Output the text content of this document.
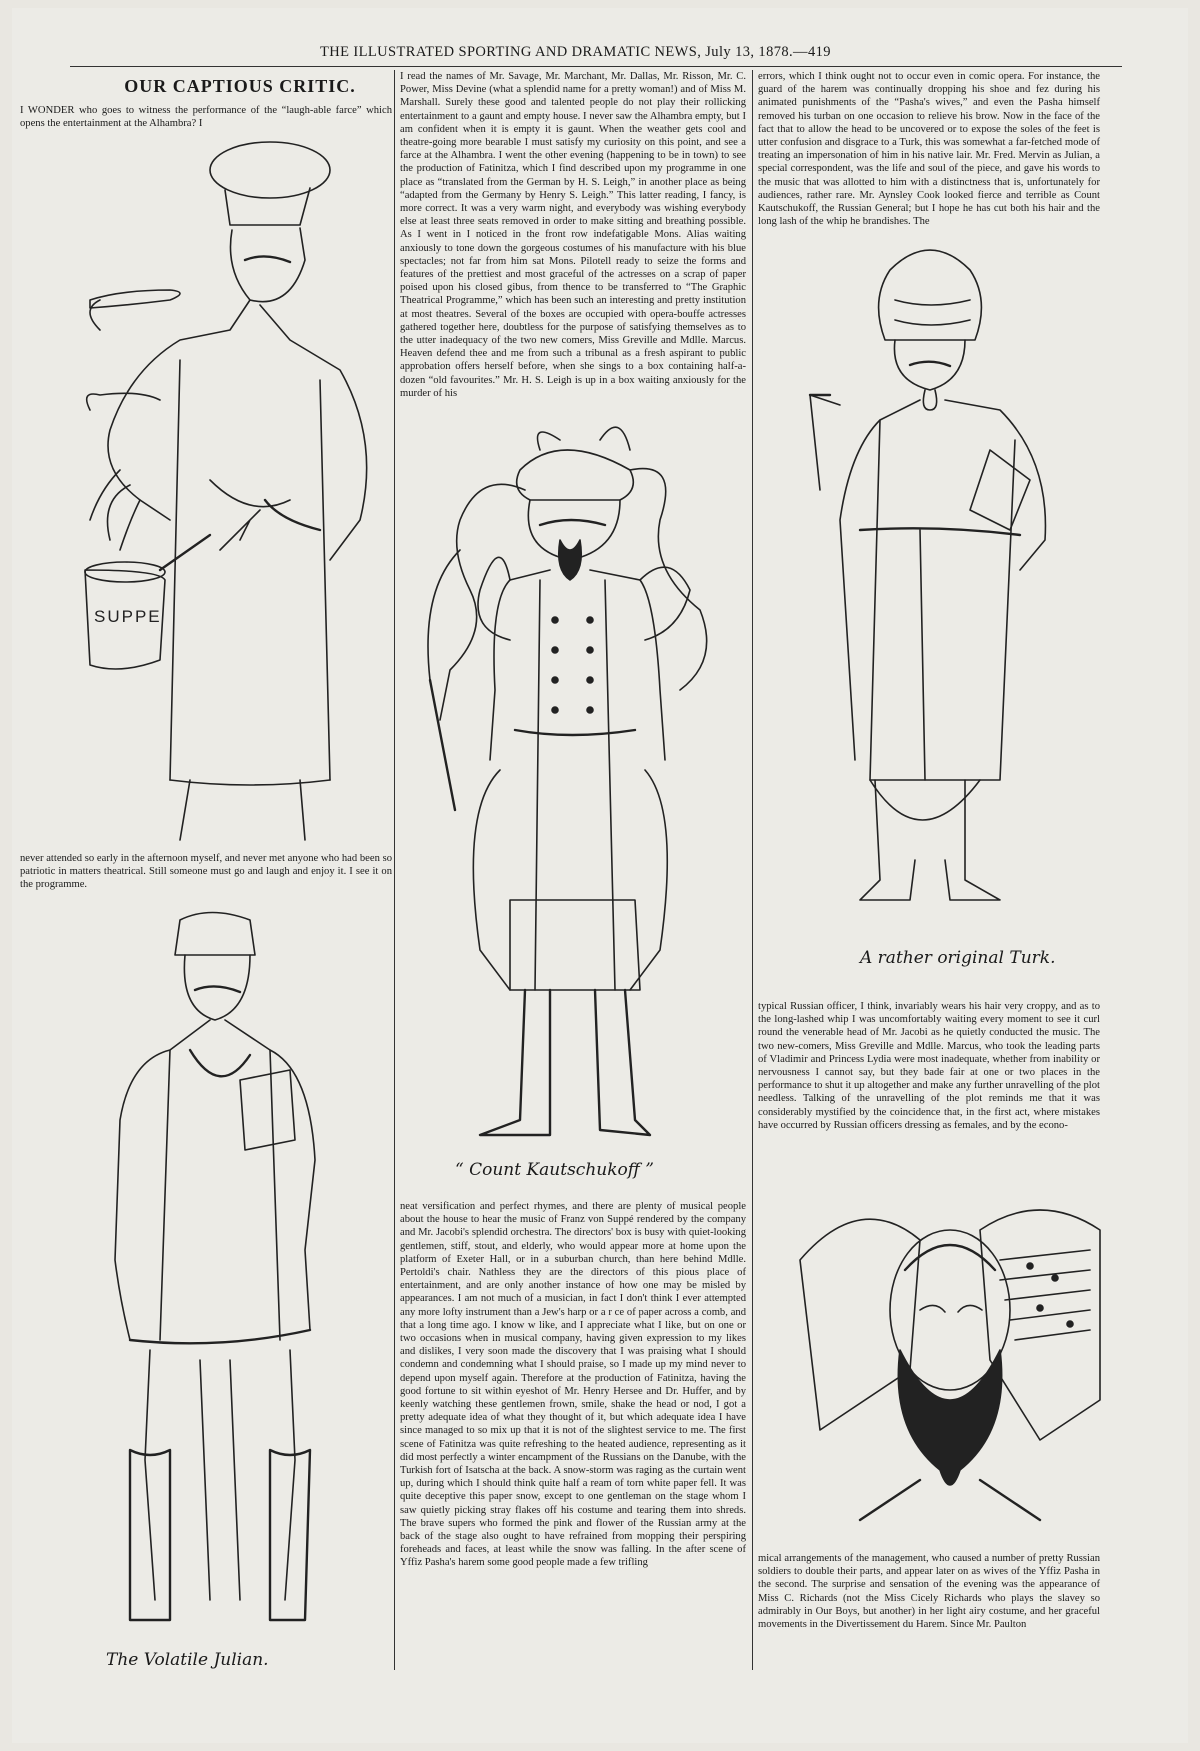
THE ILLUSTRATED SPORTING AND DRAMATIC NEWS, July 13, 1878.—419
OUR CAPTIOUS CRITIC.

I WONDER who goes to witness the performance of the “laugh-able farce” which opens the entertainment at the Alhambra? I

SUPPE

never attended so early in the afternoon myself, and never met anyone who had been so patriotic in matters theatrical. Still someone must go and laugh and enjoy it. I see it on the programme.

The Volatile Julian.

I read the names of Mr. Savage, Mr. Marchant, Mr. Dallas, Mr. Risson, Mr. C. Power, Miss Devine (what a splendid name for a pretty woman!) and of Miss M. Marshall. Surely these good and talented people do not play their rollicking entertainment to a gaunt and empty house. I never saw the Alhambra empty, but I am confident when it is empty it is gaunt. When the weather gets cool and theatre-going more bearable I must satisfy my curiosity on this point, and see a farce at the Alhambra. I went the other evening (happening to be in town) to see the production of Fatinitza, which I find described upon my programme in one place as “translated from the German by H. S. Leigh,” in another place as being “adapted from the Germany by Henry S. Leigh.” This latter reading, I fancy, is more correct. It was a very warm night, and everybody was wishing everybody else at least three seats removed in order to make sitting and breathing possible. As I went in I noticed in the front row indefatigable Mons. Alias waiting anxiously to tone down the gorgeous costumes of his manufacture with his blue spectacles; not far from him sat Mons. Pilotell ready to seize the forms and features of the prettiest and most graceful of the actresses on a scrap of paper poised upon his closed gibus, from thence to be transferred to “The Graphic Theatrical Programme,” which has been such an interesting and pretty institution at most theatres. Several of the boxes are occupied with opera-bouffe actresses gathered together here, doubtless for the purpose of satisfying themselves as to the utter inadequacy of the two new comers, Miss Greville and Mdlle. Marcus. Heaven defend thee and me from such a tribunal as a fresh aspirant to public approbation offers herself before, when she sings to a box containing half-a-dozen “old favourites.” Mr. H. S. Leigh is up in a box waiting anxiously for the murder of his

“ Count Kautschukoff ”

neat versification and perfect rhymes, and there are plenty of musical people about the house to hear the music of Franz von Suppé rendered by the company and Mr. Jacobi's splendid orchestra. The directors' box is busy with quiet-looking gentlemen, stiff, stout, and elderly, who would appear more at home upon the platform of Exeter Hall, or in a suburban church, than here behind Mdlle. Pertoldi's chair. Nathless they are the directors of this pious place of entertainment, and are only another instance of how one may be misled by appearances. I am not much of a musician, in fact I don't think I ever attempted any more lofty instrument than a Jew's harp or a r ce of paper across a comb, and that a long time ago. I know w like, and I appreciate what I like, but on one or two occasions when in musical company, having given expression to my likes and dislikes, I very soon made the discovery that I was praising what I should condemn and condemning what I should praise, so I made up my mind never to depend upon myself again. Therefore at the production of Fatinitza, having the good fortune to sit within eyeshot of Mr. Henry Hersee and Dr. Huffer, and by keenly watching these gentlemen frown, smile, shake the head or nod, I got a pretty adequate idea of what they thought of it, but which adequate idea I have since managed to so mix up that it is not of the slightest service to me. The first scene of Fatinitza was quite refreshing to the heated audience, representing as it did most perfectly a winter encampment of the Russians on the Danube, with the Turkish fort of Isatscha at the back. A snow-storm was raging as the curtain went up, during which I should think quite half a ream of torn white paper fell. It was quite deceptive this paper snow, except to one gentleman on the stage whom I saw quietly picking stray flakes off his costume and tearing them into shreds. The brave supers who formed the pink and flower of the Russian army at the back of the stage also ought to have refrained from mopping their perspiring foreheads and faces, at least while the snow was falling. In the after scene of Yffiz Pasha's harem some good people made a few trifling

errors, which I think ought not to occur even in comic opera. For instance, the guard of the harem was continually dropping his shoe and fez during his animated punishments of the “Pasha's wives,” and even the Pasha himself removed his turban on one occasion to relieve his brow. Now in the face of the fact that to allow the head to be uncovered or to expose the soles of the feet is utter confusion and disgrace to a Turk, this was somewhat a far-fetched mode of treating an impersonation of him in his native lair. Mr. Fred. Mervin as Julian, a special correspondent, was the life and soul of the piece, and gave his words to the music that was allotted to him with a distinctness that is, unfortunately for audiences, rather rare. Mr. Aynsley Cook looked fierce and terrible as Count Kautschukoff, the Russian General; but I hope he has cut both his hair and the long lash of the whip he brandishes. The

A rather original Turk.

typical Russian officer, I think, invariably wears his hair very croppy, and as to the long-lashed whip I was uncomfortably waiting every moment to see it curl round the venerable head of Mr. Jacobi as he quietly conducted the music. The two new-comers, Miss Greville and Mdlle. Marcus, who took the leading parts of Vladimir and Princess Lydia were most inadequate, whether from inability or nervousness I cannot say, but they bade fair at one or two places in the performance to shut it up altogether and make any further unravelling of the plot needless. Talking of the unravelling of the plot reminds me that it was considerably mystified by the coincidence that, in the first act, where mistakes have occurred by Russian officers dressing as females, and by the econo-

mical arrangements of the management, who caused a number of pretty Russian soldiers to double their parts, and appear later on as wives of the Yffiz Pasha in the second. The surprise and sensation of the evening was the appearance of Miss C. Richards (not the Miss Cicely Richards who plays the slavey so admirably in Our Boys, but another) in her light airy costume, and her graceful movements in the Divertissement du Harem. Since Mr. Paulton
